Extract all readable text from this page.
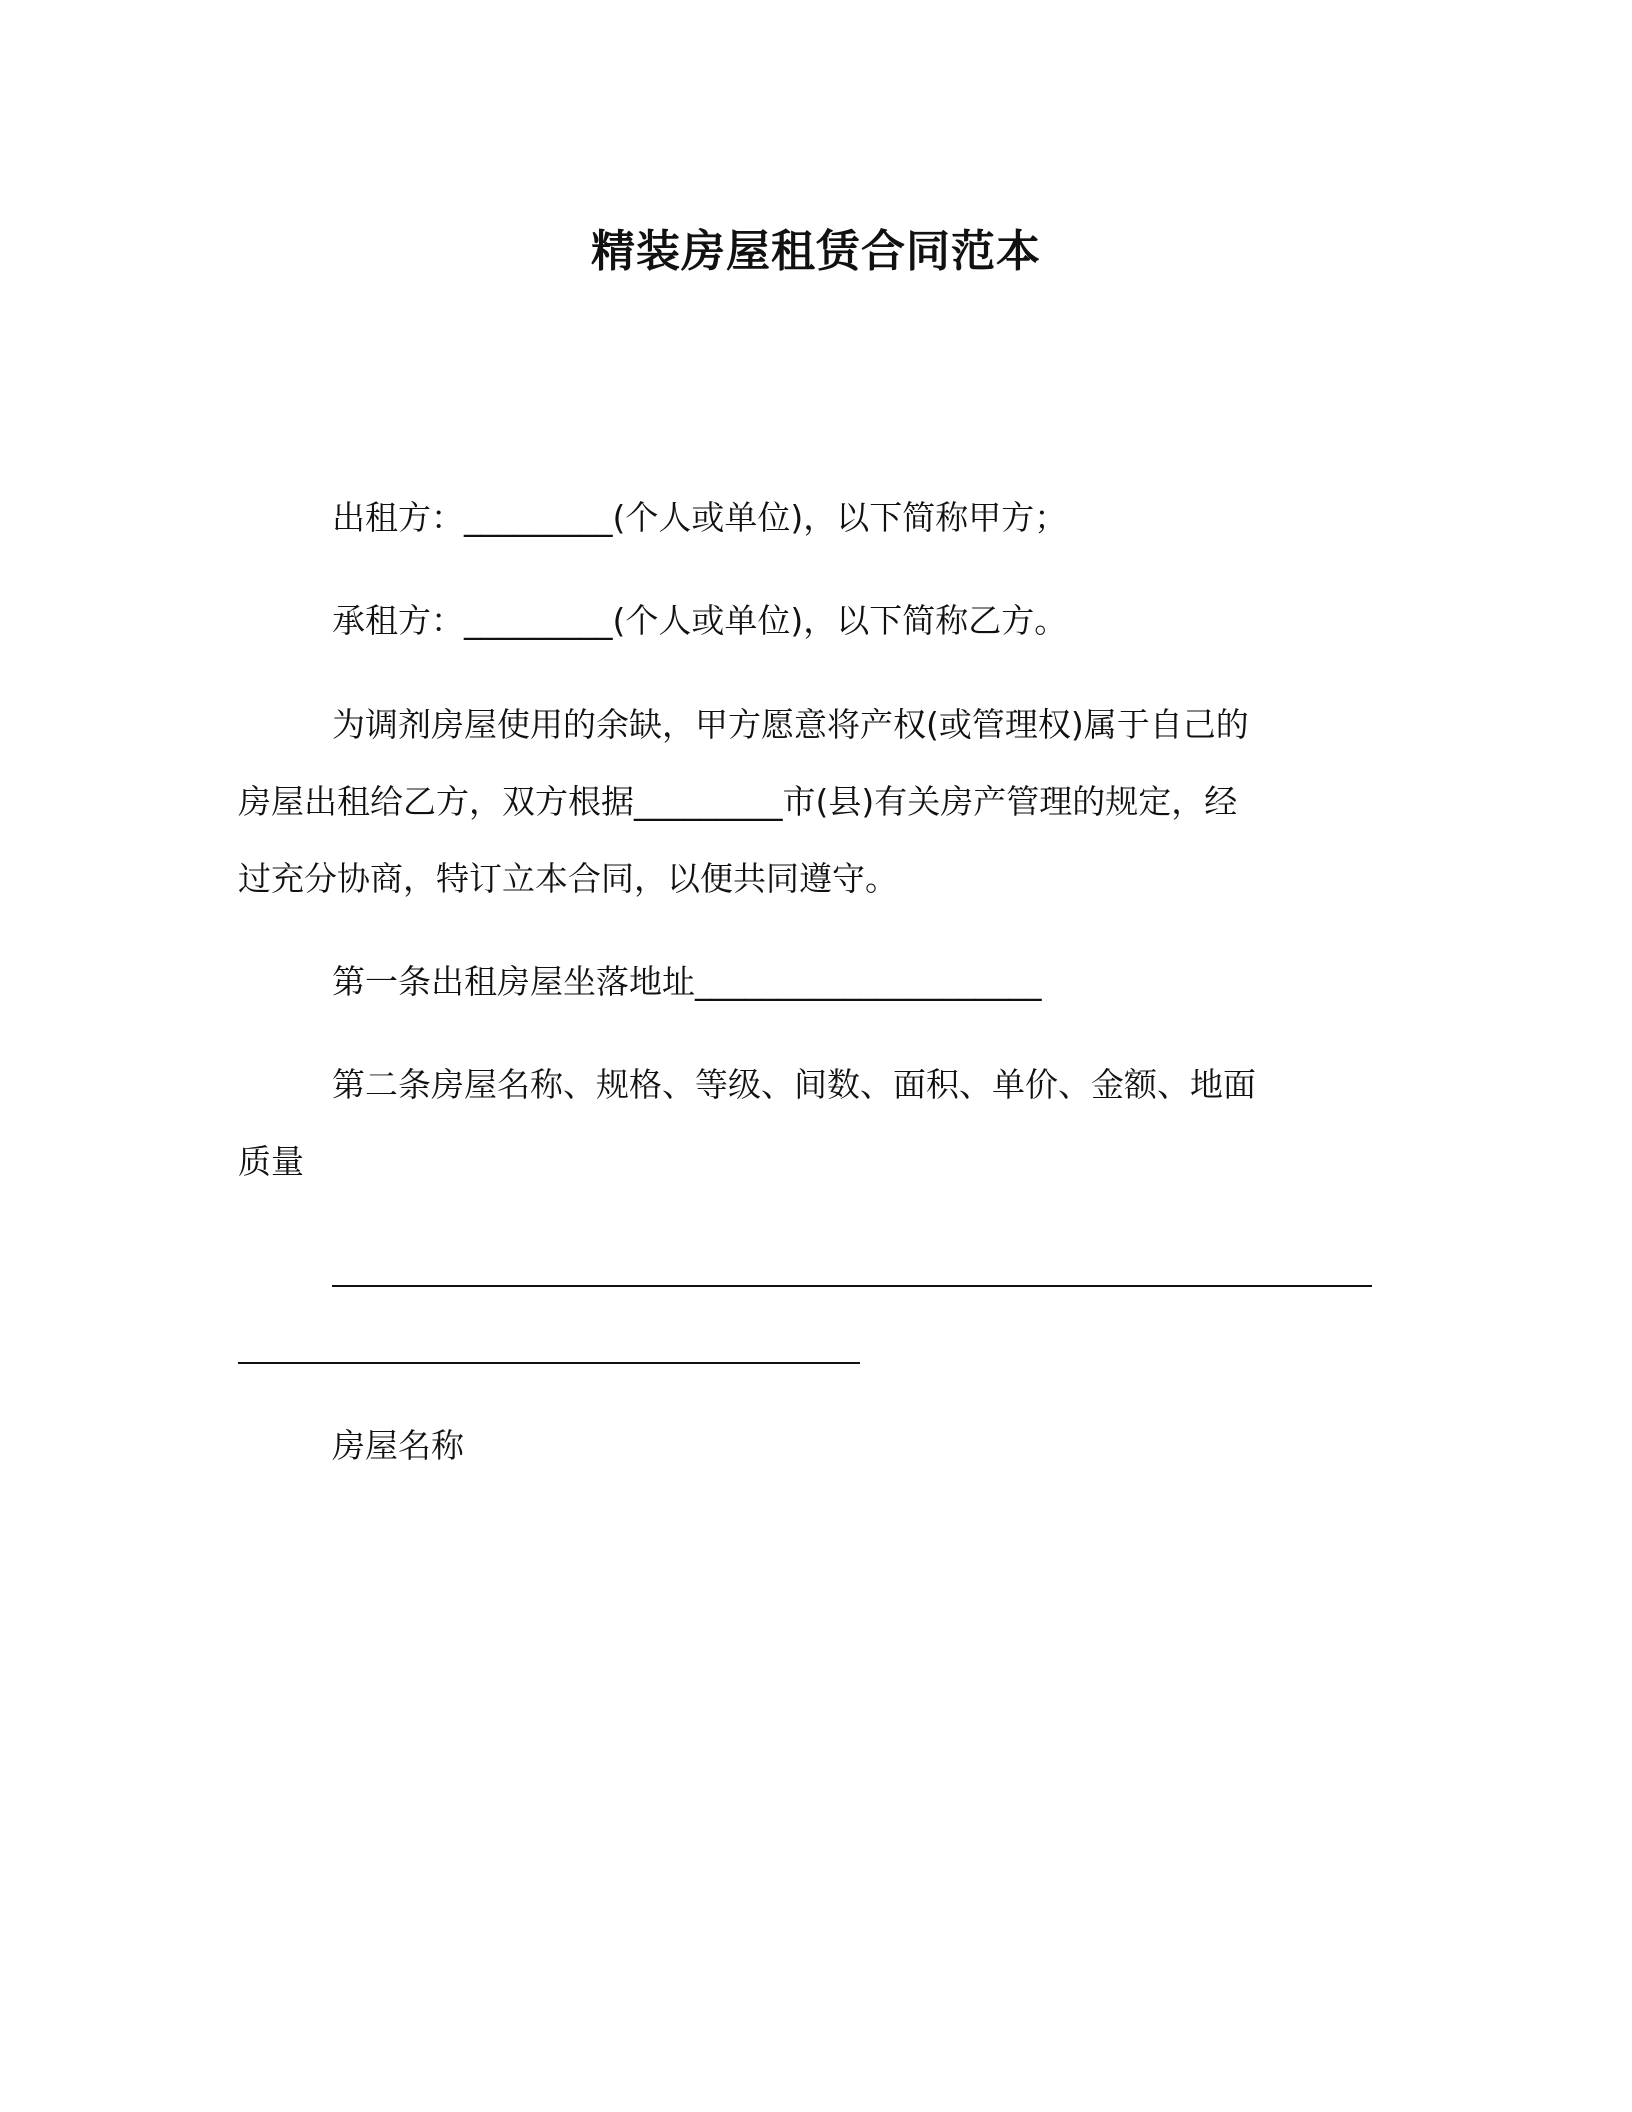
精装房屋租赁合同范本
出租方：_________(个人或单位)，以下简称甲方；
承租方：_________(个人或单位)，以下简称乙方。
为调剂房屋使用的余缺，甲方愿意将产权(或管理权)属于自己的
房屋出租给乙方，双方根据_________市(县)有关房产管理的规定，经
过充分协商，特订立本合同，以便共同遵守。
第一条出租房屋坐落地址_____________________
第二条房屋名称、规格、等级、间数、面积、单价、金额、地面
质量
房屋名称
